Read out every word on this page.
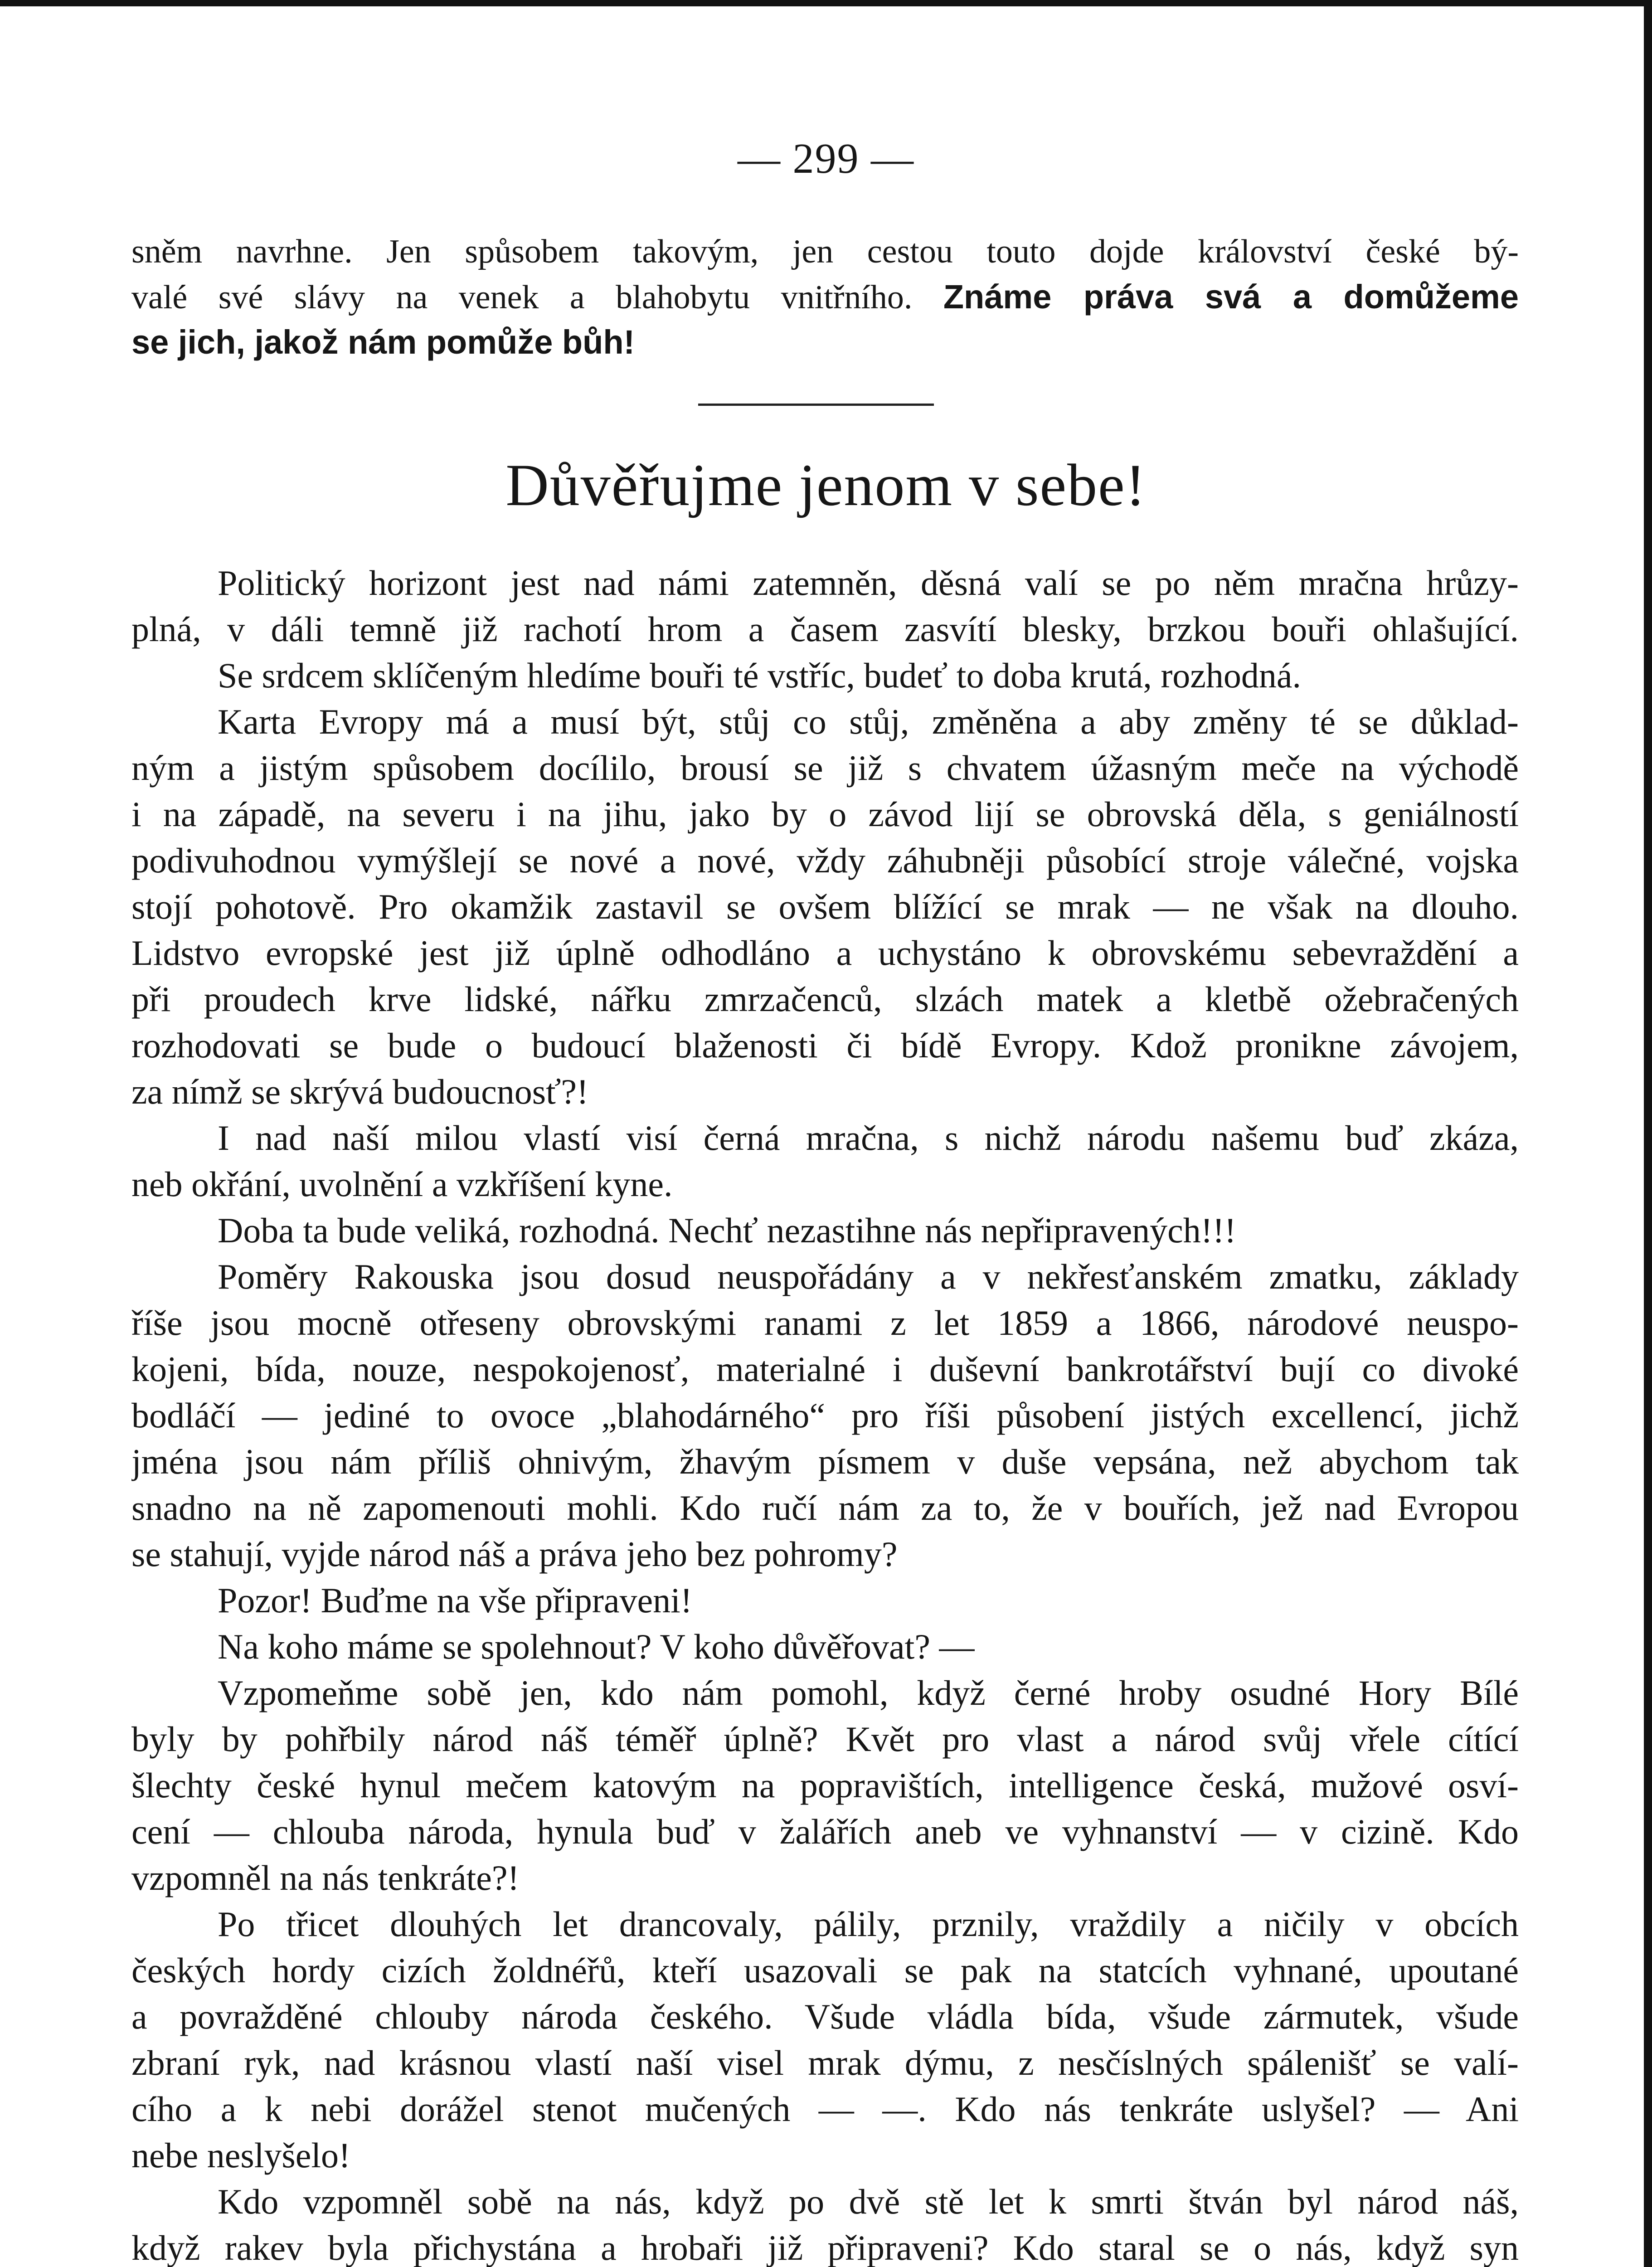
— 299 —
sněm navrhne. Jen spůsobem takovým, jen cestou touto dojde království české bý-
valé své slávy na venek a blahobytu vnitřního. Známe práva svá a domůžeme
se jich, jakož nám pomůže bůh!
Důvěřujme jenom v sebe!
Politický horizont jest nad námi zatemněn, děsná valí se po něm mračna hrůzy-
plná, v dáli temně již rachotí hrom a časem zasvítí blesky, brzkou bouři ohlašující.
Se srdcem sklíčeným hledíme bouři té vstříc, budeť to doba krutá, rozhodná.
Karta Evropy má a musí být, stůj co stůj, změněna a aby změny té se důklad-
ným a jistým spůsobem docílilo, brousí se již s chvatem úžasným meče na východě
i na západě, na severu i na jihu, jako by o závod lijí se obrovská děla, s geniálností
podivuhodnou vymýšlejí se nové a nové, vždy záhubněji působící stroje válečné, vojska
stojí pohotově. Pro okamžik zastavil se ovšem blížící se mrak — ne však na dlouho.
Lidstvo evropské jest již úplně odhodláno a uchystáno k obrovskému sebevraždění a
při proudech krve lidské, nářku zmrzačenců, slzách matek a kletbě ožebračených
rozhodovati se bude o budoucí blaženosti či bídě Evropy. Kdož pronikne závojem,
za nímž se skrývá budoucnosť?!
I nad naší milou vlastí visí černá mračna, s nichž národu našemu buď zkáza,
neb okřání, uvolnění a vzkříšení kyne.
Doba ta bude veliká, rozhodná. Nechť nezastihne nás nepřipravených!!!
Poměry Rakouska jsou dosud neuspořádány a v nekřesťanském zmatku, základy
říše jsou mocně otřeseny obrovskými ranami z let 1859 a 1866, národové neuspo-
kojeni, bída, nouze, nespokojenosť, materialné i duševní bankrotářství bují co divoké
bodláčí — jediné to ovoce „blahodárného“ pro říši působení jistých excellencí, jichž
jména jsou nám příliš ohnivým, žhavým písmem v duše vepsána, než abychom tak
snadno na ně zapomenouti mohli. Kdo ručí nám za to, že v bouřích, jež nad Evropou
se stahují, vyjde národ náš a práva jeho bez pohromy?
Pozor! Buďme na vše připraveni!
Na koho máme se spolehnout? V koho důvěřovat? —
Vzpomeňme sobě jen, kdo nám pomohl, když černé hroby osudné Hory Bílé
byly by pohřbily národ náš téměř úplně? Květ pro vlast a národ svůj vřele cítící
šlechty české hynul mečem katovým na popravištích, intelligence česká, mužové osví-
cení — chlouba národa, hynula buď v žalářích aneb ve vyhnanství — v cizině. Kdo
vzpomněl na nás tenkráte?!
Po třicet dlouhých let drancovaly, pálily, prznily, vraždily a ničily v obcích
českých hordy cizích žoldnéřů, kteří usazovali se pak na statcích vyhnané, upoutané
a povražděné chlouby národa českého. Všude vládla bída, všude zármutek, všude
zbraní ryk, nad krásnou vlastí naší visel mrak dýmu, z nesčíslných spálenišť se valí-
cího a k nebi dorážel stenot mučených — —. Kdo nás tenkráte uslyšel? — Ani
nebe neslyšelo!
Kdo vzpomněl sobě na nás, když po dvě stě let k smrti štván byl národ náš,
když rakev byla přichystána a hrobaři již připraveni? Kdo staral se o nás, když syn
